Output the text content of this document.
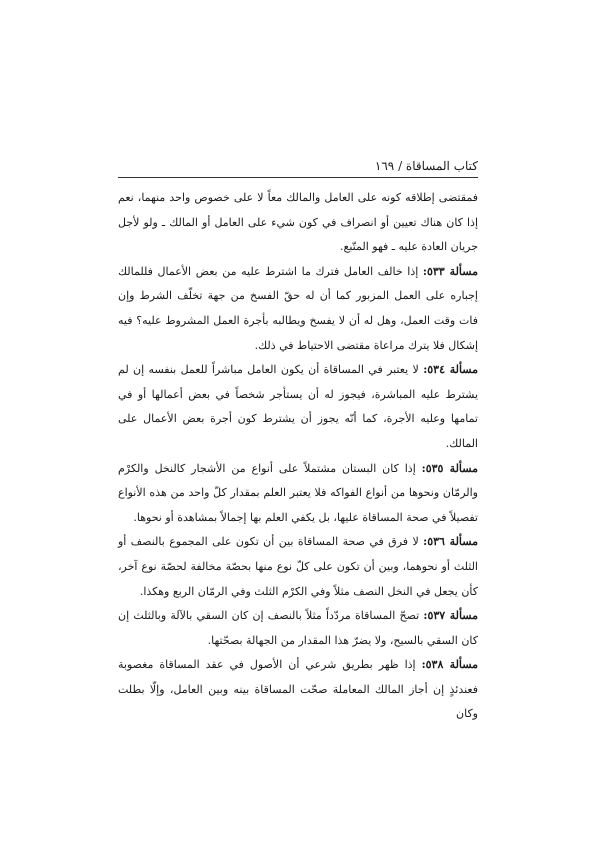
كتاب المساقاة / ١٦٩

فمقتضى إطلاقه كونه على العامل والمالك معاً لا على خصوص واحد منهما، نعم إذا كان هناك تعيين أو انصراف في كون شيء على العامل أو المالك ـ ولو لأجل جريان العادة عليه ـ فهو المتّبع.

مسألة ٥٣٣: إذا خالف العامل فترك ما اشترط عليه من بعض الأعمال فللمالك إجباره على العمل المزبور كما أن له حقّ الفسخ من جهة تخلّف الشرط وإن فات وقت العمل، وهل له أن لا يفسخ ويطالبه بأجرة العمل المشروط عليه؟ فيه إشكال فلا يترك مراعاة مقتضى الاحتياط في ذلك.

مسألة ٥٣٤: لا يعتبر في المساقاة أن يكون العامل مباشراً للعمل بنفسه إن لم يشترط عليه المباشرة، فيجوز له أن يستأجر شخصاً في بعض أعمالها أو في تمامها وعليه الأجرة، كما أنّه يجوز أن يشترط كون أجرة بعض الأعمال على المالك.

مسألة ٥٣٥: إذا كان البستان مشتملاً على أنواع من الأشجار كالنخل والكرْم والرمّان ونحوها من أنواع الفواكه فلا يعتبر العلم بمقدار كلّ واحد من هذه الأنواع تفصيلاً في صحة المساقاة عليها، بل يكفي العلم بها إجمالاً بمشاهدة أو نحوها.

مسألة ٥٣٦: لا فرق في صحة المساقاة بين أن تكون على المجموع بالنصف أو الثلث أو نحوهما، وبين أن تكون على كلّ نوع منها بحصّة مخالفة لحصّة نوع آخر، كأن يجعل في النخل النصف مثلاً وفي الكرْم الثلث وفي الرمّان الربع وهكذا.

مسألة ٥٣٧: تصحّ المساقاة مردّداً مثلاً بالنصف إن كان السقي بالآلة وبالثلث إن كان السقي بالسيح، ولا يضرّ هذا المقدار من الجهالة بصحّتها.

مسألة ٥٣٨: إذا ظهر بطريق شرعي أن الأصول في عقد المساقاة مغصوبة فعندئذٍ إن أجاز المالك المعاملة صحّت المساقاة بينه وبين العامل، وإلّا بطلت وكان
